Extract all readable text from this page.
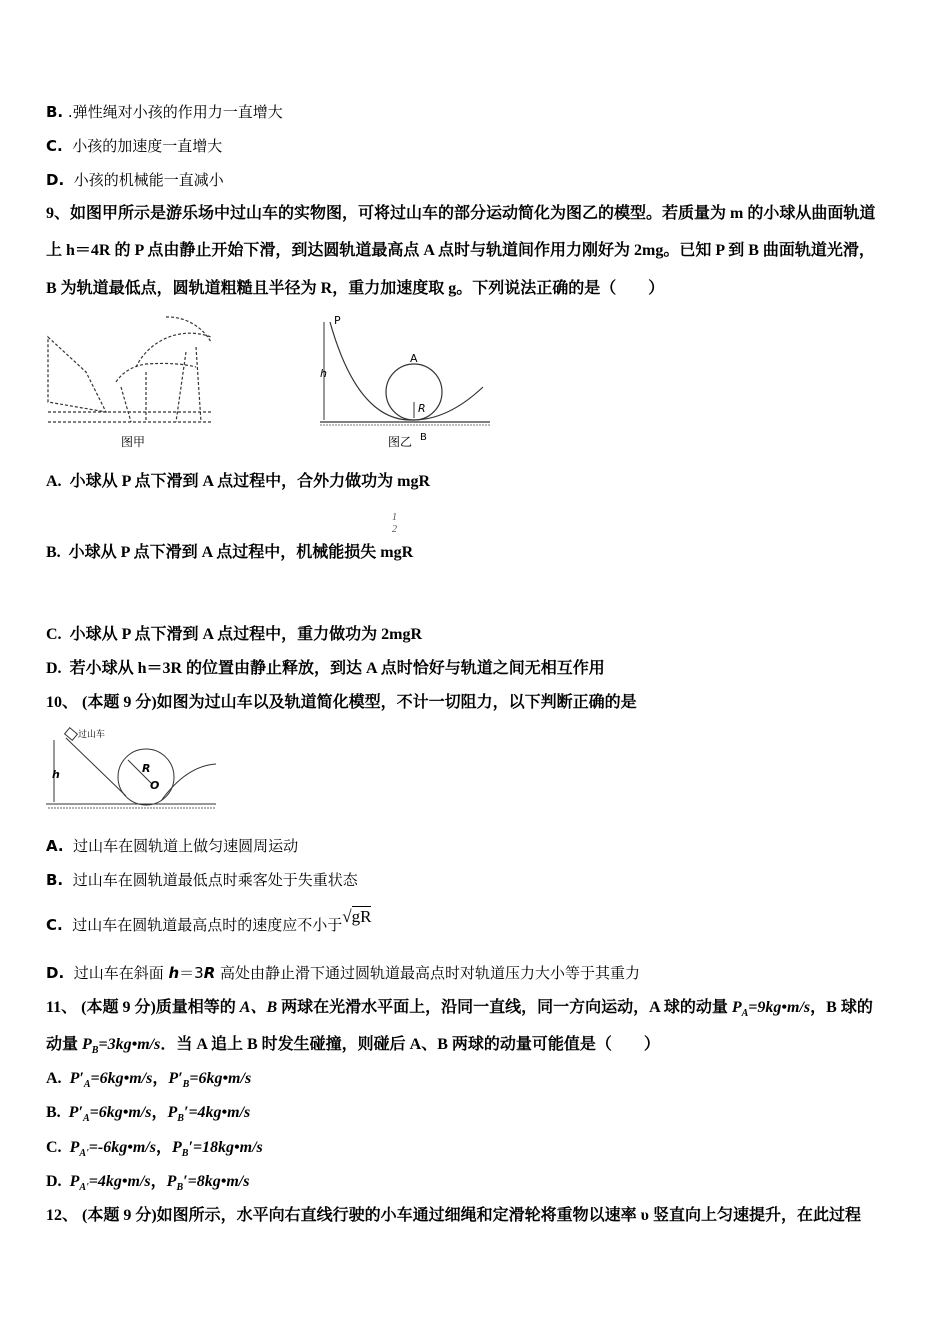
B. .弹性绳对小孩的作用力一直增大
C. 小孩的加速度一直增大
D. 小孩的机械能一直减小
9、如图甲所示是游乐场中过山车的实物图，可将过山车的部分运动简化为图乙的模型。若质量为 m 的小球从曲面轨道
上 h＝4R 的 P 点由静止开始下滑，到达圆轨道最高点 A 点时与轨道间作用力刚好为 2mg。已知 P 到 B 曲面轨道光滑，
B 为轨道最低点，圆轨道粗糙且半径为 R，重力加速度取 g。下列说法正确的是（　　）
图甲
P
A
h
R
图乙 B
A. 小球从 P 点下滑到 A 点过程中，合外力做功为 mgR
1
2
B. 小球从 P 点下滑到 A 点过程中，机械能损失 mgR
C. 小球从 P 点下滑到 A 点过程中，重力做功为 2mgR
D. 若小球从 h＝3R 的位置由静止释放，到达 A 点时恰好与轨道之间无相互作用
10、 (本题 9 分)如图为过山车以及轨道简化模型，不计一切阻力，以下判断正确的是
过山车
h	R
O
A. 过山车在圆轨道上做匀速圆周运动
B. 过山车在圆轨道最低点时乘客处于失重状态
C. 过山车在圆轨道最高点时的速度应不小于√gR
D. 过山车在斜面 h＝3R 高处由静止滑下通过圆轨道最高点时对轨道压力大小等于其重力
11、 (本题 9 分)质量相等的 A、B 两球在光滑水平面上，沿同一直线，同一方向运动，A 球的动量 $P_A=9kg•m/s$，B 球的
动量 $P_B=3kg•m/s$．当 A 追上 B 时发生碰撞，则碰后 A、B 两球的动量可能值是（　　）
A. $P'_A=6kg•m/s$，$P'_B=6kg•m/s$
B. $P'_A=6kg•m/s$，$P_B'=4kg•m/s$
C. $P_{A'}=-6kg•m/s$，$P_B'=18kg•m/s$
D. $P_{A'}=4kg•m/s$，$P_B'=8kg•m/s$
12、 (本题 9 分)如图所示，水平向右直线行驶的小车通过细绳和定滑轮将重物以速率 υ 竖直向上匀速提升，在此过程
